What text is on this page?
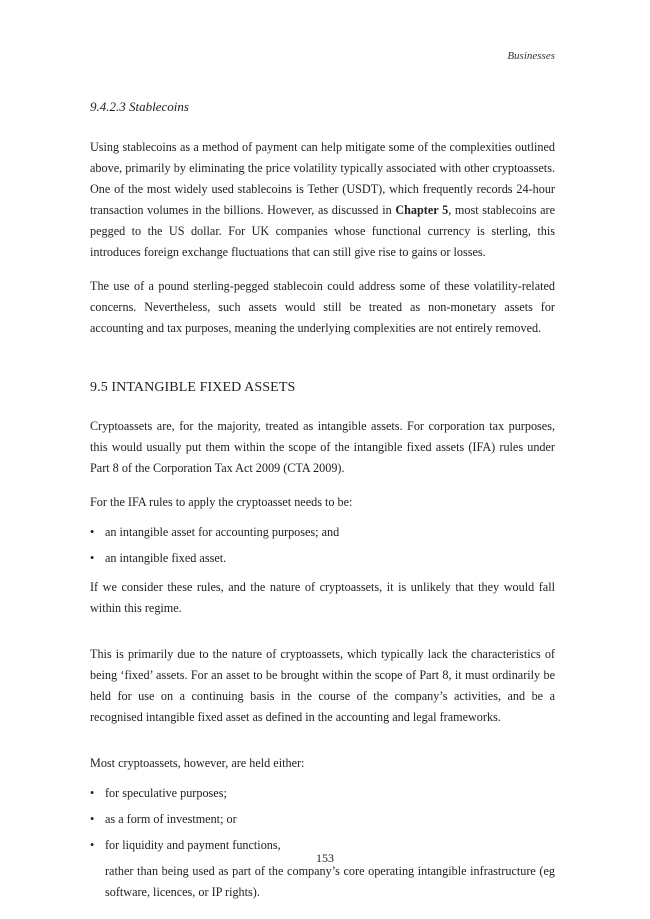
Businesses
9.4.2.3 Stablecoins

Using stablecoins as a method of payment can help mitigate some of the complexities outlined above, primarily by eliminating the price volatility typically associated with other cryptoassets. One of the most widely used stablecoins is Tether (USDT), which frequently records 24-hour transaction volumes in the billions. However, as discussed in Chapter 5, most stablecoins are pegged to the US dollar. For UK companies whose functional currency is sterling, this introduces foreign exchange fluctuations that can still give rise to gains or losses.

The use of a pound sterling-pegged stablecoin could address some of these volatility-related concerns. Nevertheless, such assets would still be treated as non-monetary assets for accounting and tax purposes, meaning the underlying complexities are not entirely removed.

9.5 INTANGIBLE FIXED ASSETS

Cryptoassets are, for the majority, treated as intangible assets. For corporation tax purposes, this would usually put them within the scope of the intangible fixed assets (IFA) rules under Part 8 of the Corporation Tax Act 2009 (CTA 2009).

For the IFA rules to apply the cryptoasset needs to be:

• an intangible asset for accounting purposes; and
• an intangible fixed asset.

If we consider these rules, and the nature of cryptoassets, it is unlikely that they would fall within this regime.

This is primarily due to the nature of cryptoassets, which typically lack the characteristics of being ‘fixed’ assets. For an asset to be brought within the scope of Part 8, it must ordinarily be held for use on a continuing basis in the course of the company’s activities, and be a recognised intangible fixed asset as defined in the accounting and legal frameworks.

Most cryptoassets, however, are held either:

• for speculative purposes;
• as a form of investment; or
• for liquidity and payment functions,

rather than being used as part of the company’s core operating intangible infrastructure (eg software, licences, or IP rights).

153
